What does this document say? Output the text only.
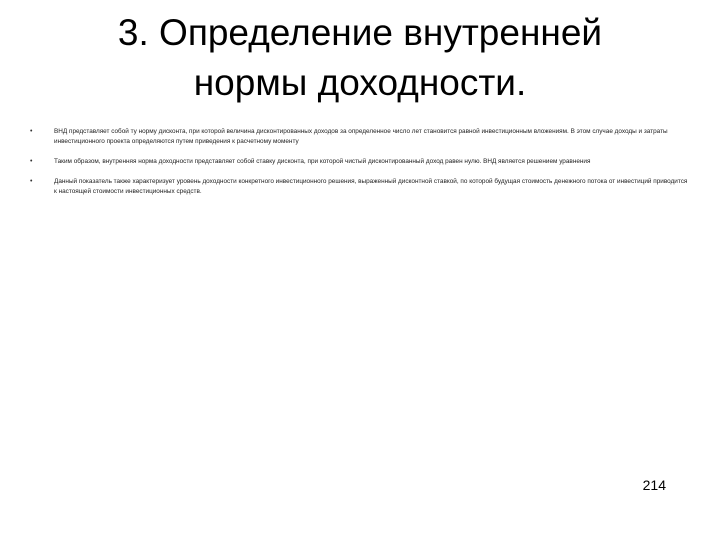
3. Определение внутренней
нормы доходности.
•	ВНД представляет собой ту норму дисконта, при которой величина дисконтированных доходов за определенное число лет становится равной инвестиционным вложениям. В этом случае доходы и затраты инвестиционного проекта определяются путем приведения к расчетному моменту
•	Таким образом, внутренняя норма доходности представляет собой ставку дисконта, при которой чистый дисконтированный доход равен нулю. ВНД является решением уравнения
•	Данный показатель также характеризует уровень доходности конкретного инвестиционного решения, выраженный дисконтной ставкой, по которой будущая стоимость денежного потока от инвестиций приводится к настоящей стоимости инвестиционных средств.
214
